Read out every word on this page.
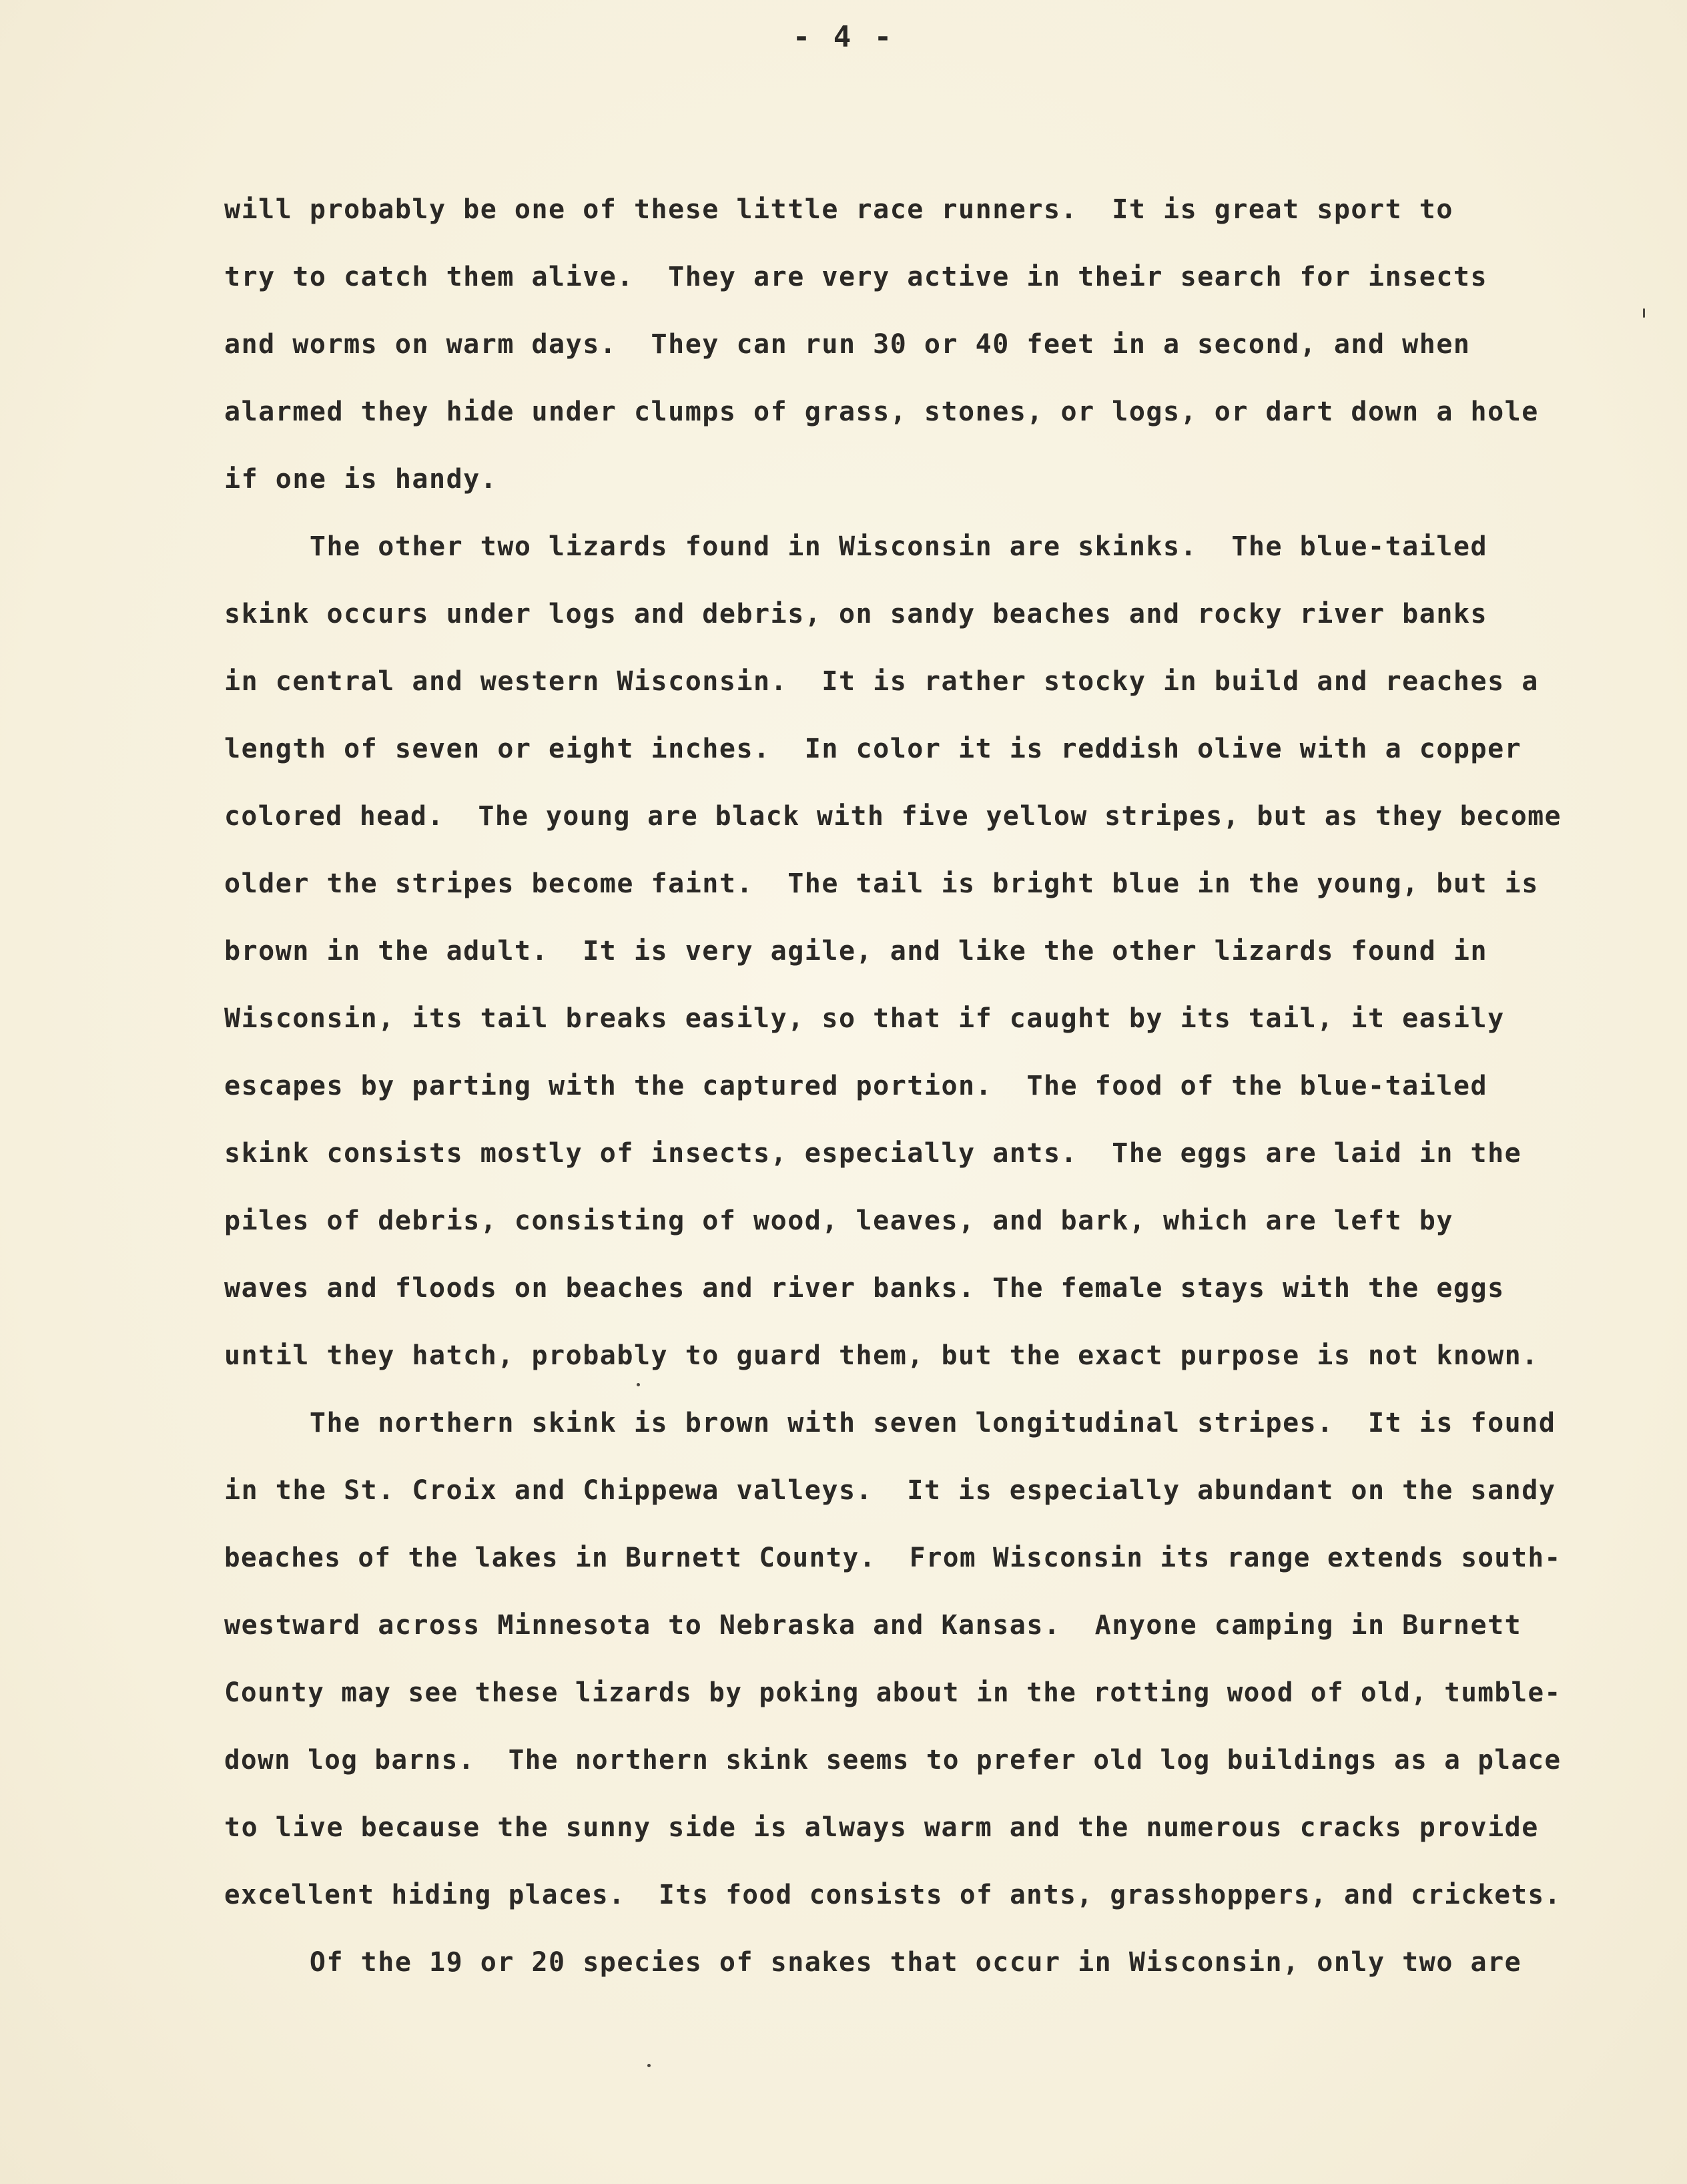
- 4 -
will probably be one of these little race runners.  It is great sport to
try to catch them alive.  They are very active in their search for insects
and worms on warm days.  They can run 30 or 40 feet in a second, and when
alarmed they hide under clumps of grass, stones, or logs, or dart down a hole
if one is handy.
The other two lizards found in Wisconsin are skinks.  The blue-tailed
skink occurs under logs and debris, on sandy beaches and rocky river banks
in central and western Wisconsin.  It is rather stocky in build and reaches a
length of seven or eight inches.  In color it is reddish olive with a copper
colored head.  The young are black with five yellow stripes, but as they become
older the stripes become faint.  The tail is bright blue in the young, but is
brown in the adult.  It is very agile, and like the other lizards found in
Wisconsin, its tail breaks easily, so that if caught by its tail, it easily
escapes by parting with the captured portion.  The food of the blue-tailed
skink consists mostly of insects, especially ants.  The eggs are laid in the
piles of debris, consisting of wood, leaves, and bark, which are left by
waves and floods on beaches and river banks. The female stays with the eggs
until they hatch, probably to guard them, but the exact purpose is not known.
The northern skink is brown with seven longitudinal stripes.  It is found
in the St. Croix and Chippewa valleys.  It is especially abundant on the sandy
beaches of the lakes in Burnett County.  From Wisconsin its range extends south-
westward across Minnesota to Nebraska and Kansas.  Anyone camping in Burnett
County may see these lizards by poking about in the rotting wood of old, tumble-
down log barns.  The northern skink seems to prefer old log buildings as a place
to live because the sunny side is always warm and the numerous cracks provide
excellent hiding places.  Its food consists of ants, grasshoppers, and crickets.
Of the 19 or 20 species of snakes that occur in Wisconsin, only two are
